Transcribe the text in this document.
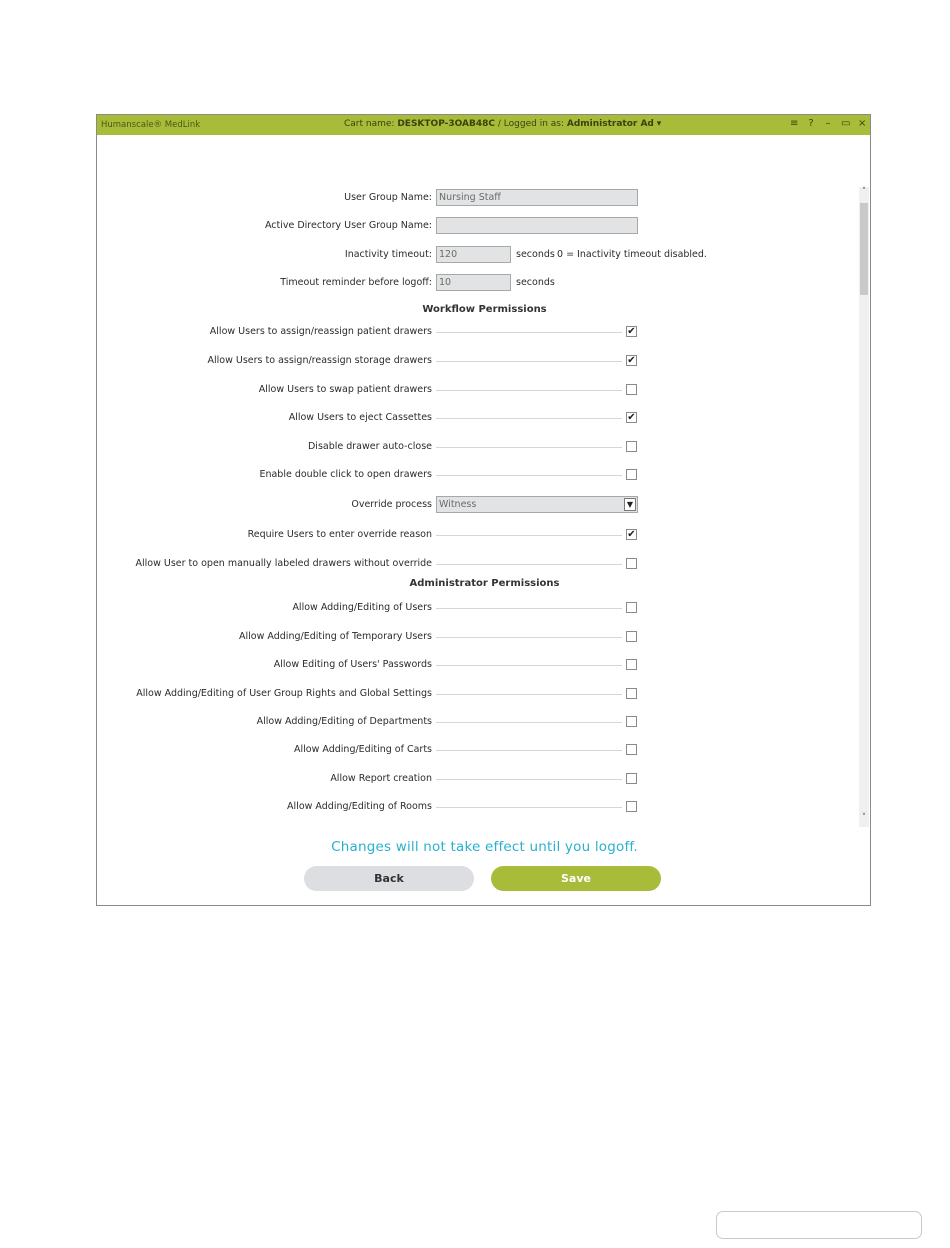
Humanscale® MedLink	Cart name: DESKTOP-3OAB48C / Logged in as: Administrator Ad ▾	≡ ? – ▭ ×
User Group Name: Nursing Staff
Active Directory User Group Name:
Inactivity timeout: 120	seconds 0 = Inactivity timeout disabled.
Timeout reminder before logoff: 10	seconds
Workflow Permissions
Allow Users to assign/reassign patient drawers	✔
Allow Users to assign/reassign storage drawers	✔
Allow Users to swap patient drawers
Allow Users to eject Cassettes	✔
Disable drawer auto-close
Enable double click to open drawers
Override process Witness	▼
Require Users to enter override reason	✔
Allow User to open manually labeled drawers without override
Administrator Permissions
Allow Adding/Editing of Users
Allow Adding/Editing of Temporary Users
Allow Editing of Users' Passwords
Allow Adding/Editing of User Group Rights and Global Settings
Allow Adding/Editing of Departments
Allow Adding/Editing of Carts
Allow Report creation
Allow Adding/Editing of Rooms
˄
˅
Changes will not take effect until you logoff.
Back	Save
